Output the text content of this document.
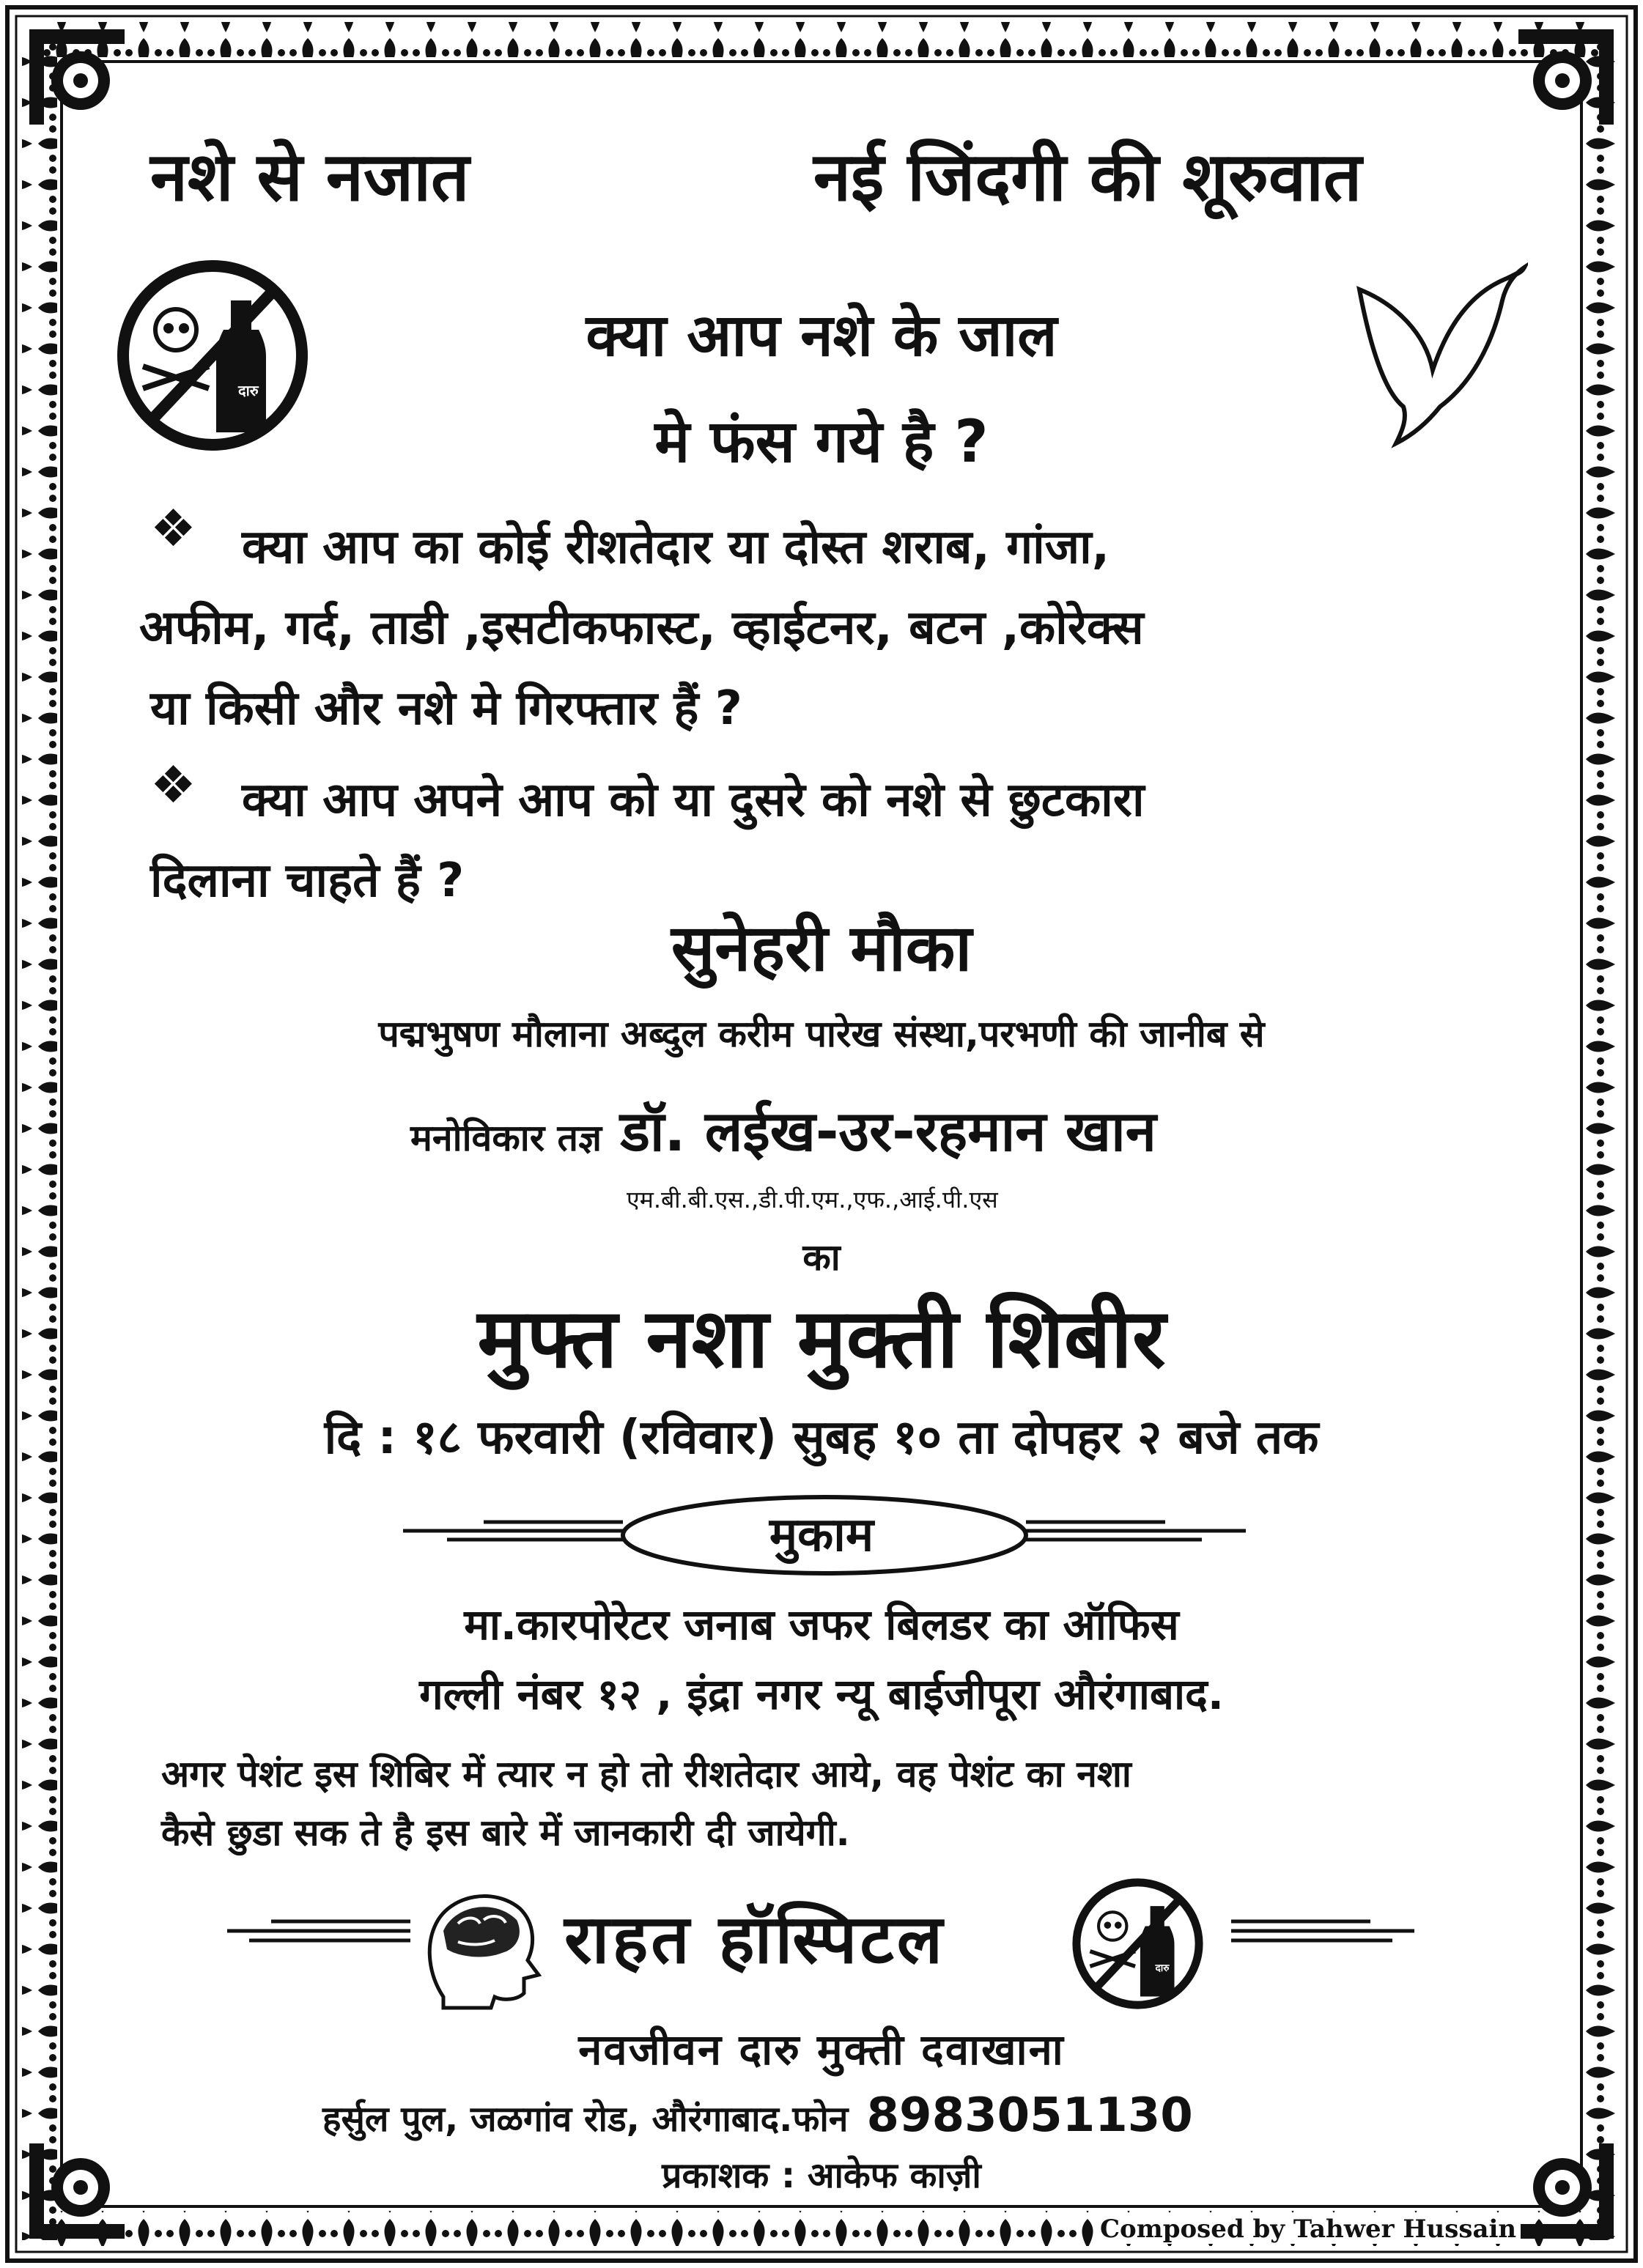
नशे से नजात	नई जिंदगी की शूरुवात
दारु
क्या आप नशे के जाल
मे फंस गये है ?
❖ क्या आप का कोई रीशतेदार या दोस्त शराब, गांजा,
अफीम, गर्द, ताडी ,इसटीकफास्ट, व्हाईटनर, बटन ,कोरेक्स
या किसी और नशे मे गिरफ्तार हैं ?
❖ क्या आप अपने आप को या दुसरे को नशे से छुटकारा
दिलाना चाहते हैं ?
सुनेहरी मौका
पद्मभुषण मौलाना अब्दुल करीम पारेख संस्था,परभणी की जानीब से
मनोविकार तज्ञ डॉ. लईख-उर-रहमान खान
एम.बी.बी.एस.,डी.पी.एम.,एफ.,आई.पी.एस
का
मुफ्त नशा मुक्ती शिबीर
दि : १८ फरवारी (रविवार) सुबह १० ता दोपहर २ बजे तक
मुकाम
मा.कारपोरेटर जनाब जफर बिलडर का ऑफिस
गल्ली नंबर १२ , इंद्रा नगर न्यू बाईजीपूरा औरंगाबाद.
अगर पेशंट इस शिबिर में त्यार न हो तो रीशतेदार आये, वह पेशंट का नशा
कैसे छुडा सक ते है इस बारे में जानकारी दी जायेगी.
राहत हॉस्पिटल	दारु
नवजीवन दारु मुक्ती दवाखाना
हर्सुल पुल, जळगांव रोड, औरंगाबाद.फोन 8983051130
प्रकाशक : आकेफ काज़ी
Composed by Tahwer Hussain
